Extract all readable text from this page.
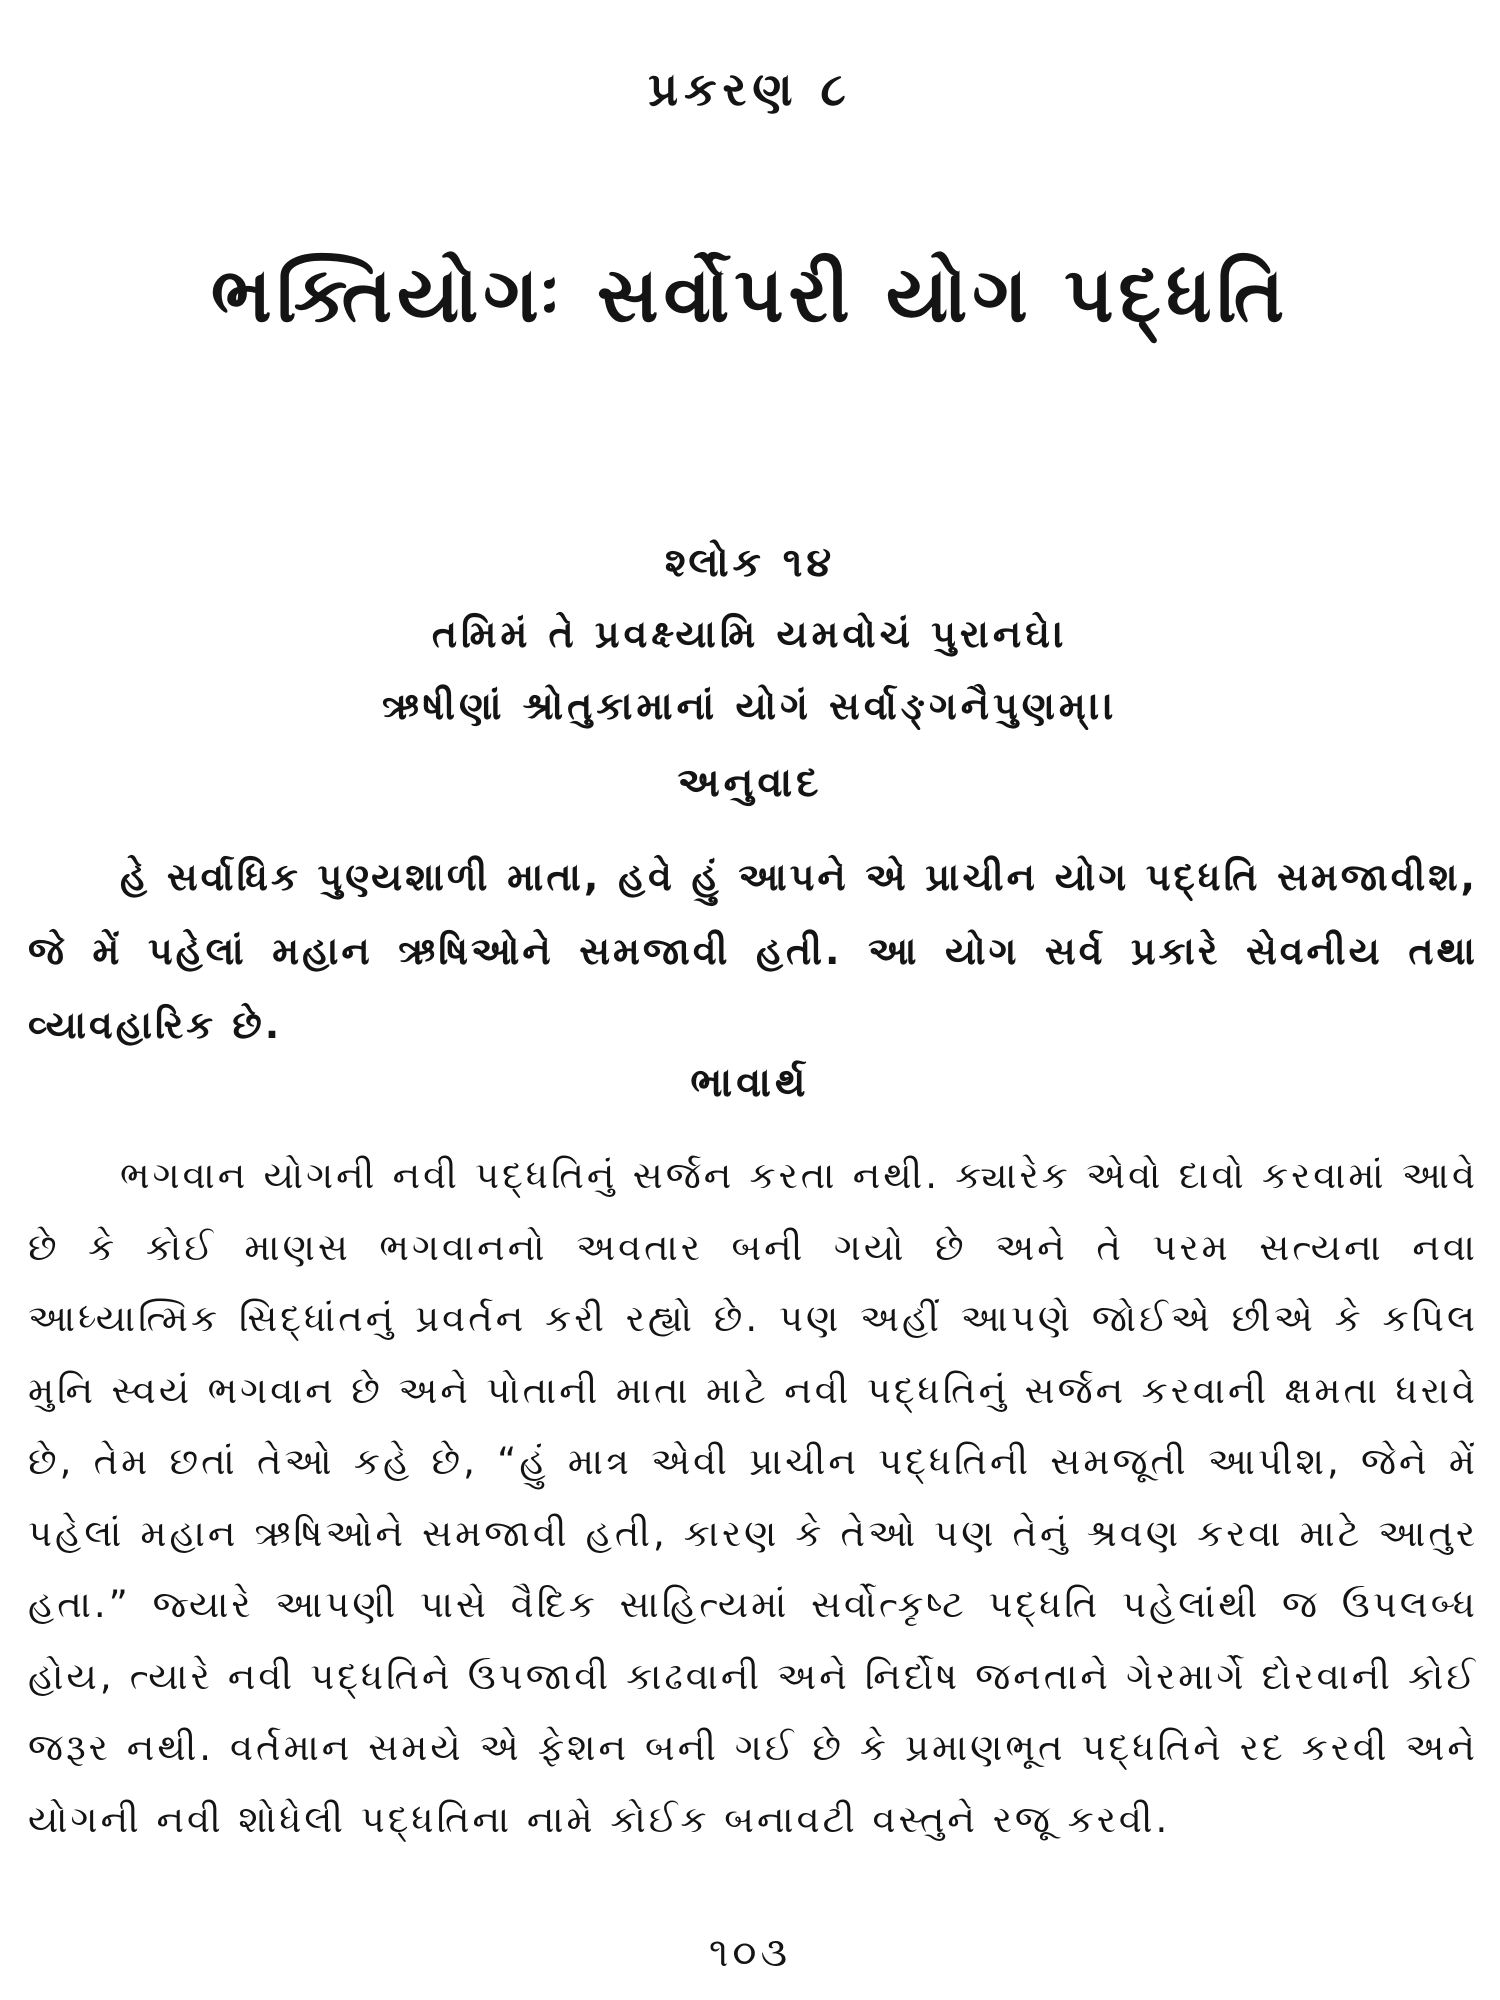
પ્રકરણ ૮
ભક્તિયોગઃ સર્વોપરી યોગ પદ્ધતિ
શ્લોક ૧૪
તમિમં તે પ્રવક્ષ્યામિ યમવોચં પુરાનઘે।
ઋષીણાં શ્રોતુકામાનાં યોગં સર્વાઙ્ગનૈપુણમ્।।
અનુવાદ
હે સર્વાધિક પુણ્યશાળી માતા, હવે હું આપને એ પ્રાચીન યોગ પદ્ધતિ સમજાવીશ, જે મેં પહેલાં મહાન ઋષિઓને સમજાવી હતી. આ યોગ સર્વ પ્રકારે સેવનીય તથા વ્યાવહારિક છે.
ભાવાર્થ
ભગવાન યોગની નવી પદ્ધતિનું સર્જન કરતા નથી. ક્યારેક એવો દાવો કરવામાં આવે છે કે કોઈ માણસ ભગવાનનો અવતાર બની ગયો છે અને તે પરમ સત્યના નવા આધ્યાત્મિક સિદ્ધાંતનું પ્રવર્તન કરી રહ્યો છે. પણ અહીં આપણે જોઈએ છીએ કે કપિલ મુનિ સ્વયં ભગવાન છે અને પોતાની માતા માટે નવી પદ્ધતિનું સર્જન કરવાની ક્ષમતા ધરાવે છે, તેમ છતાં તેઓ કહે છે, “હું માત્ર એવી પ્રાચીન પદ્ધતિની સમજૂતી આપીશ, જેને મેં પહેલાં મહાન ઋષિઓને સમજાવી હતી, કારણ કે તેઓ પણ તેનું શ્રવણ કરવા માટે આતુર હતા.” જ્યારે આપણી પાસે વૈદિક સાહિત્યમાં સર્વોત્કૃષ્ટ પદ્ધતિ પહેલાંથી જ ઉપલબ્ધ હોય, ત્યારે નવી પદ્ધતિને ઉપજાવી કાઢવાની અને નિર્દોષ જનતાને ગેરમાર્ગે દોરવાની કોઈ જરૂર નથી. વર્તમાન સમયે એ ફેશન બની ગઈ છે કે પ્રમાણભૂત પદ્ધતિને રદ કરવી અને યોગની નવી શોધેલી પદ્ધતિના નામે કોઈક બનાવટી વસ્તુને રજૂ કરવી.
૧૦૩
